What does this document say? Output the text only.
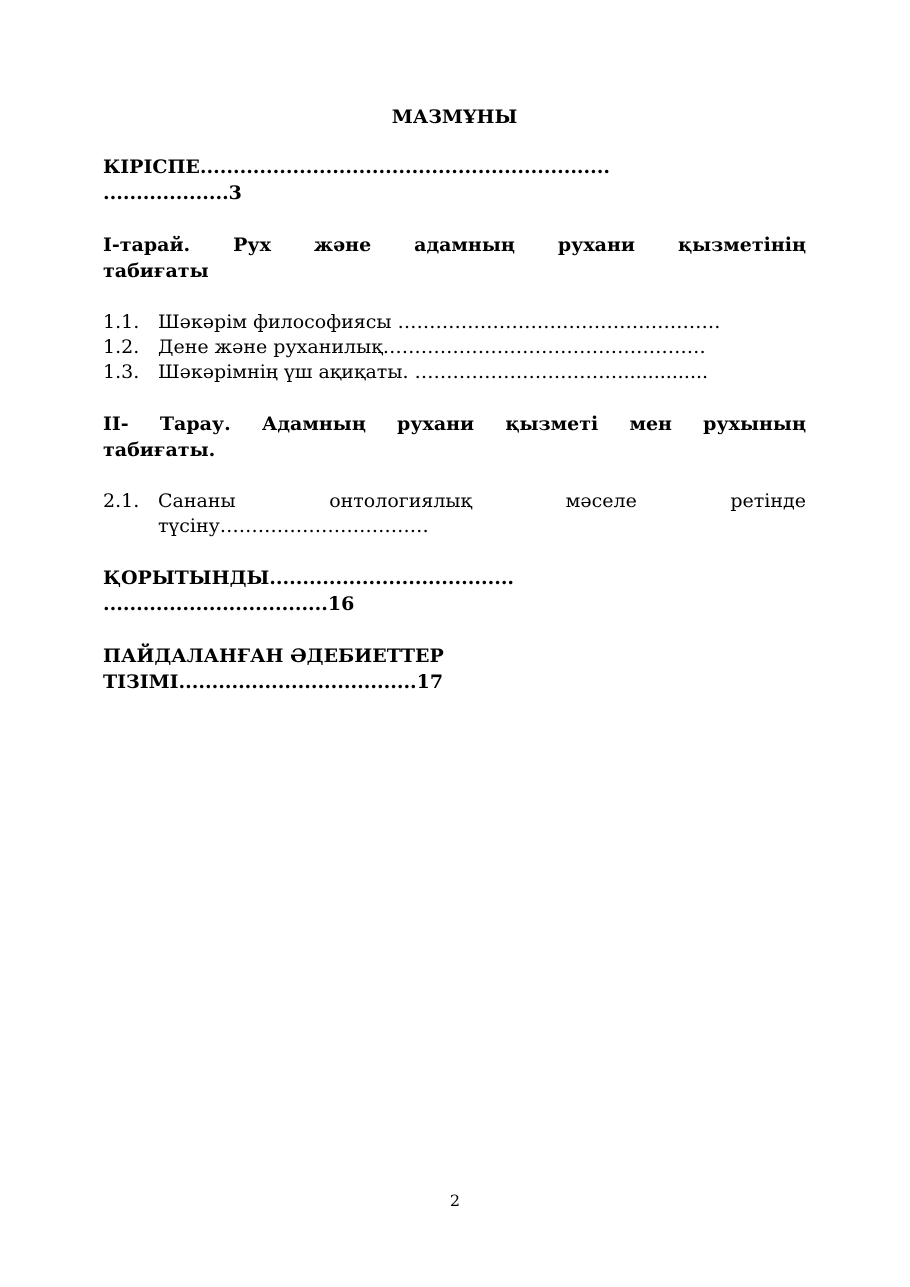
МАЗМҰНЫ
КІРІСПЕ..............................................................
...................3
I-тарай. Рух және адамның рухани қызметінің
табиғаты
1.1. Шәкәрім философиясы ……………………………………………
1.2. Дене және руханилық……………………………………………
1.3. Шәкәрімнің үш ақиқаты. ……………………………..............
II- Тарау. Адамның рухани қызметі мен рухының
табиғаты.
2.1. Сананы онтологиялық мәселе ретінде
түсіну……………………………
ҚОРЫТЫНДЫ.....................................
..................................16
ПАЙДАЛАНҒАН ӘДЕБИЕТТЕР
ТІЗІМІ....................................17
2
